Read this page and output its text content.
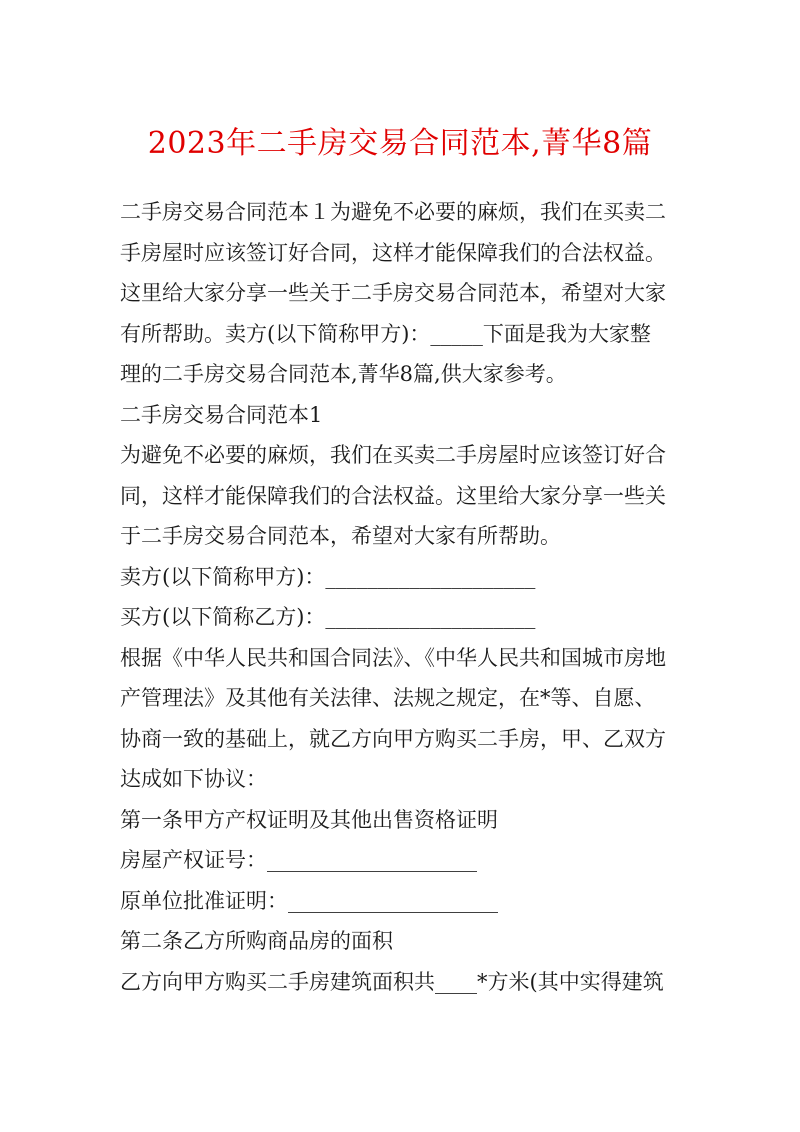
2023年二手房交易合同范本,菁华8篇
二手房交易合同范本１为避免不必要的麻烦，我们在买卖二
手房屋时应该签订好合同，这样才能保障我们的合法权益。
这里给大家分享一些关于二手房交易合同范本，希望对大家
有所帮助。卖方(以下简称甲方)：_____下面是我为大家整
理的二手房交易合同范本,菁华8篇,供大家参考。
二手房交易合同范本1
为避免不必要的麻烦，我们在买卖二手房屋时应该签订好合
同，这样才能保障我们的合法权益。这里给大家分享一些关
于二手房交易合同范本，希望对大家有所帮助。
卖方(以下简称甲方)：____________________
买方(以下简称乙方)：____________________
根据《中华人民共和国合同法》、《中华人民共和国城市房地
产管理法》及其他有关法律、法规之规定，在*等、自愿、
协商一致的基础上，就乙方向甲方购买二手房，甲、乙双方
达成如下协议：
第一条甲方产权证明及其他出售资格证明
房屋产权证号：____________________
原单位批准证明：____________________
第二条乙方所购商品房的面积
乙方向甲方购买二手房建筑面积共____*方米(其中实得建筑
